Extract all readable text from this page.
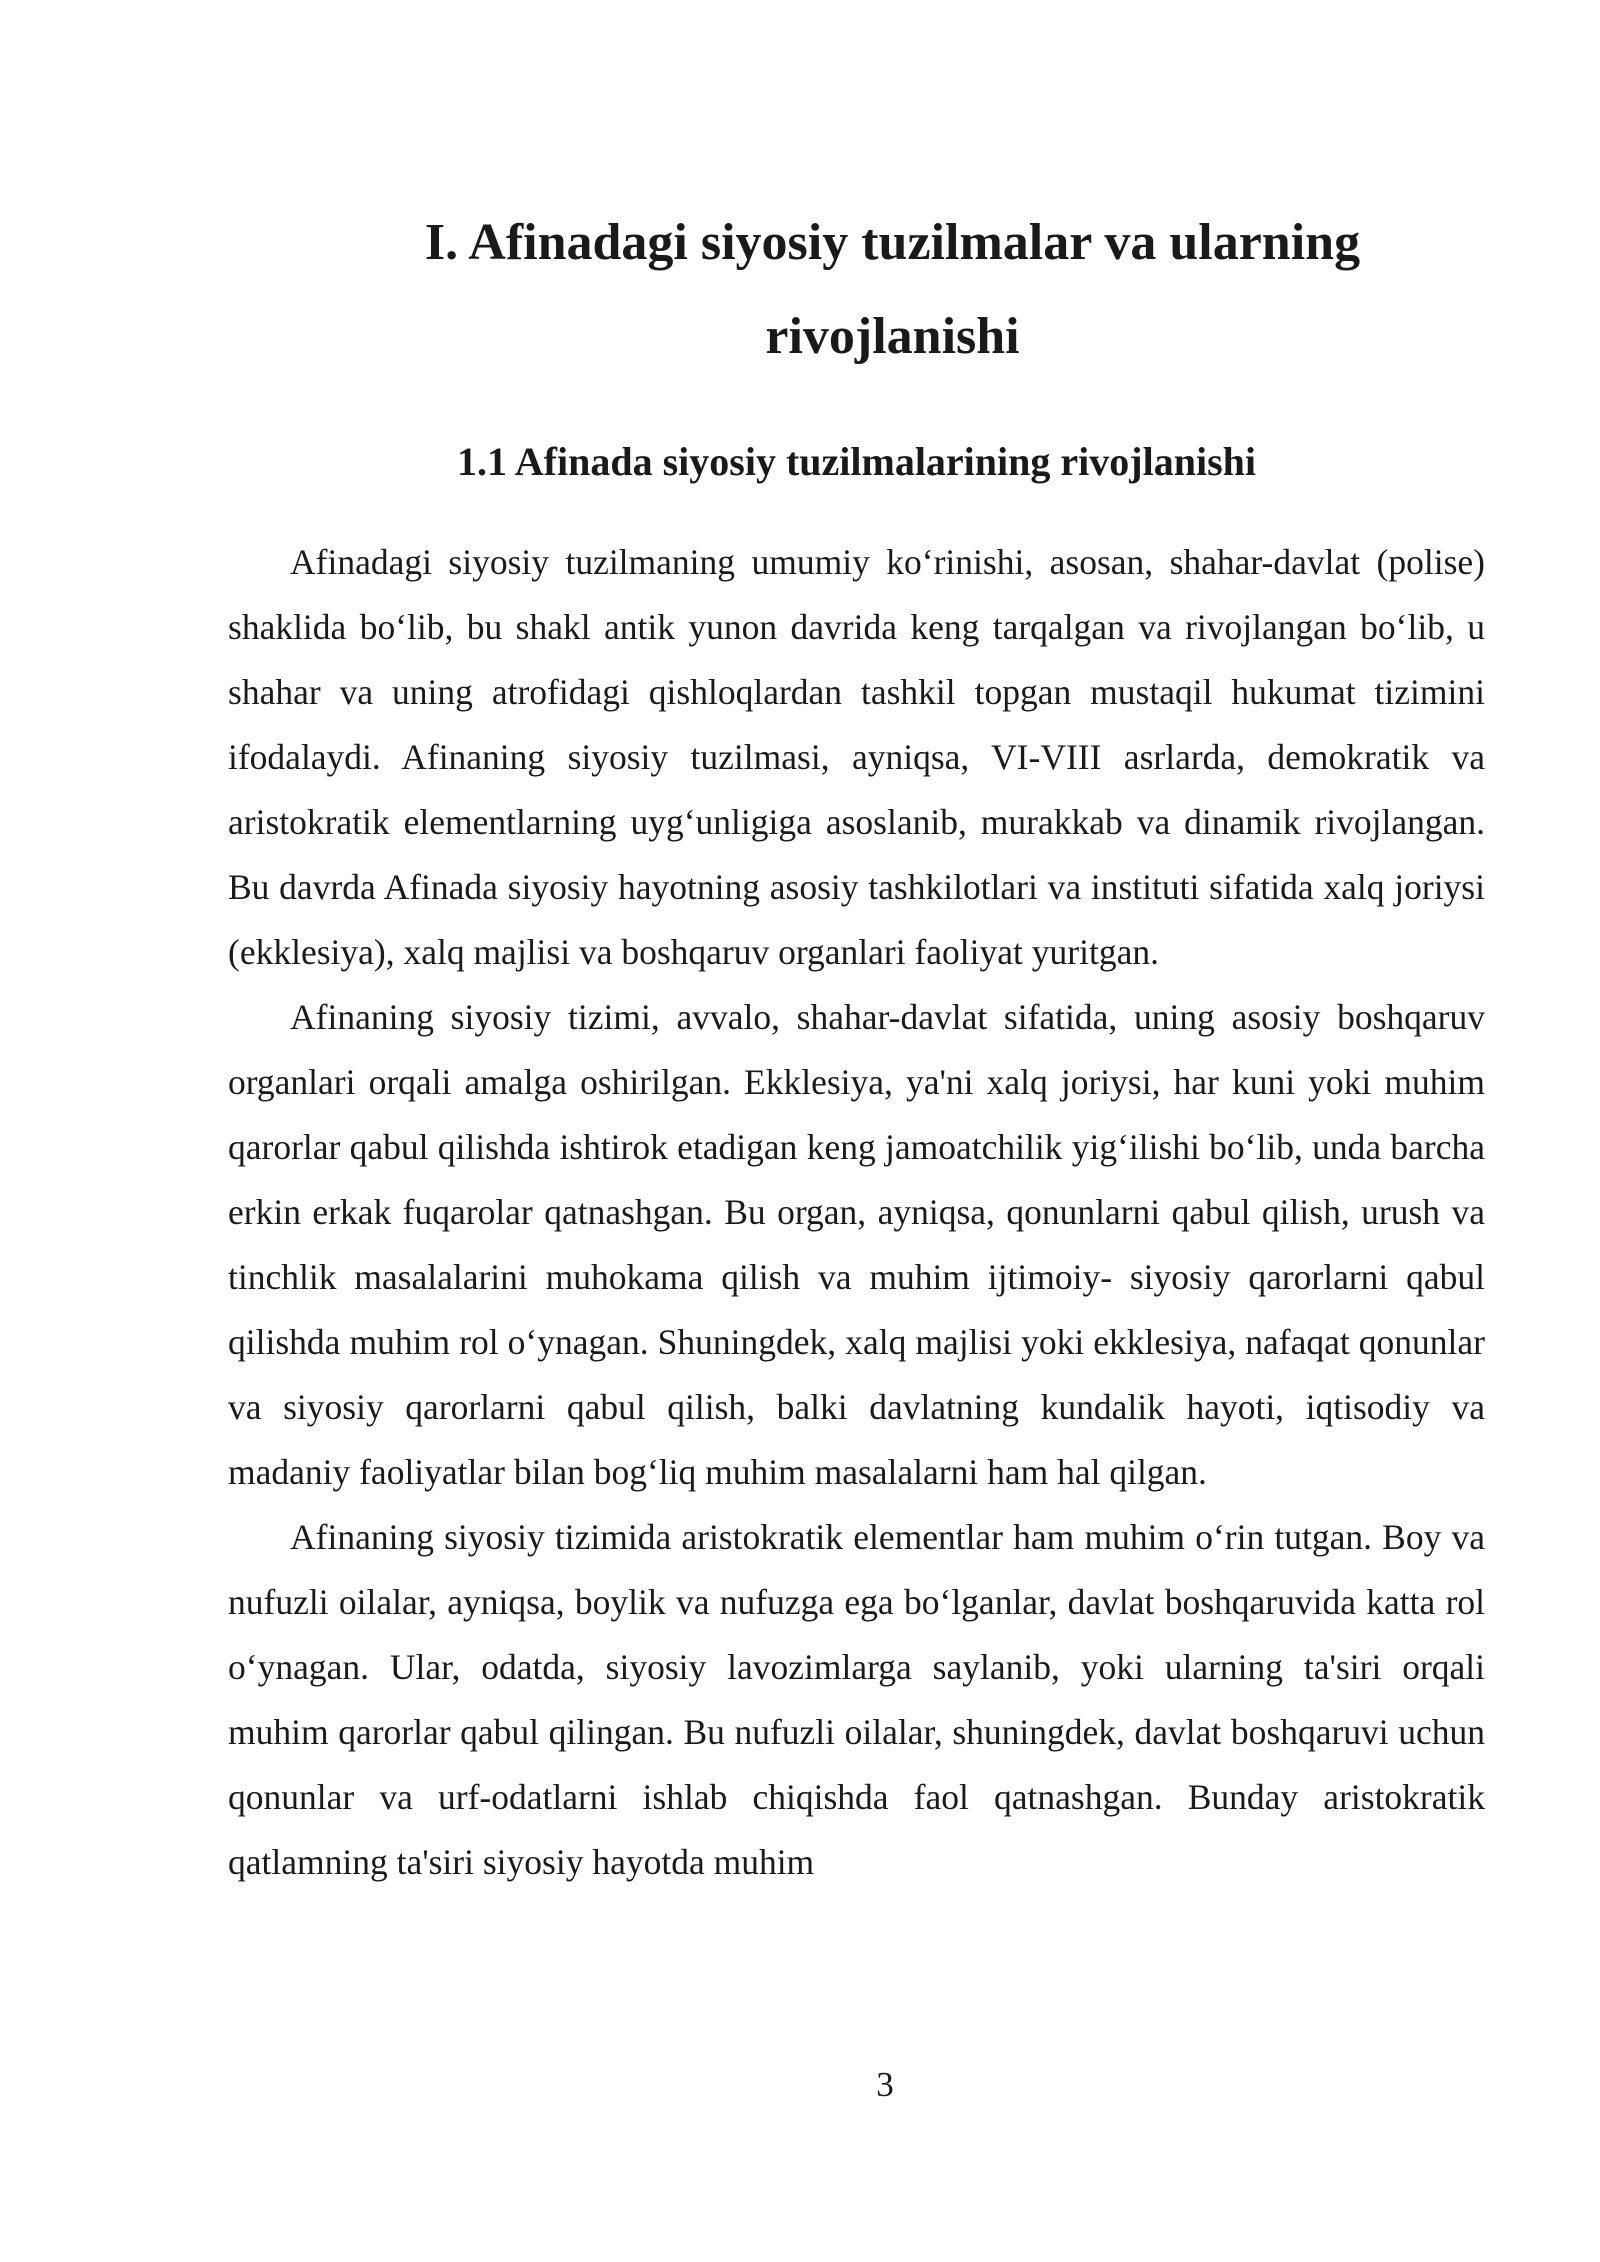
I. Afinadagi siyosiy tuzilmalar va ularning rivojlanishi
1.1 Afinada siyosiy tuzilmalarining rivojlanishi

Afinadagi siyosiy tuzilmaning umumiy ko‘rinishi, asosan, shahar-davlat (polise) shaklida bo‘lib, bu shakl antik yunon davrida keng tarqalgan va rivojlangan bo‘lib, u shahar va uning atrofidagi qishloqlardan tashkil topgan mustaqil hukumat tizimini ifodalaydi. Afinaning siyosiy tuzilmasi, ayniqsa, VI-VIII asrlarda, demokratik va aristokratik elementlarning uyg‘unligiga asoslanib, murakkab va dinamik rivojlangan. Bu davrda Afinada siyosiy hayotning asosiy tashkilotlari va instituti sifatida xalq joriysi (ekklesiya), xalq majlisi va boshqaruv organlari faoliyat yuritgan.

Afinaning siyosiy tizimi, avvalo, shahar-davlat sifatida, uning asosiy boshqaruv organlari orqali amalga oshirilgan. Ekklesiya, ya'ni xalq joriysi, har kuni yoki muhim qarorlar qabul qilishda ishtirok etadigan keng jamoatchilik yig‘ilishi bo‘lib, unda barcha erkin erkak fuqarolar qatnashgan. Bu organ, ayniqsa, qonunlarni qabul qilish, urush va tinchlik masalalarini muhokama qilish va muhim ijtimoiy- siyosiy qarorlarni qabul qilishda muhim rol o‘ynagan. Shuningdek, xalq majlisi yoki ekklesiya, nafaqat qonunlar va siyosiy qarorlarni qabul qilish, balki davlatning kundalik hayoti, iqtisodiy va madaniy faoliyatlar bilan bog‘liq muhim masalalarni ham hal qilgan.

Afinaning siyosiy tizimida aristokratik elementlar ham muhim o‘rin tutgan. Boy va nufuzli oilalar, ayniqsa, boylik va nufuzga ega bo‘lganlar, davlat boshqaruvida katta rol o‘ynagan. Ular, odatda, siyosiy lavozimlarga saylanib, yoki ularning ta'siri orqali muhim qarorlar qabul qilingan. Bu nufuzli oilalar, shuningdek, davlat boshqaruvi uchun qonunlar va urf-odatlarni ishlab chiqishda faol qatnashgan. Bunday aristokratik qatlamning ta'siri siyosiy hayotda muhim

3
